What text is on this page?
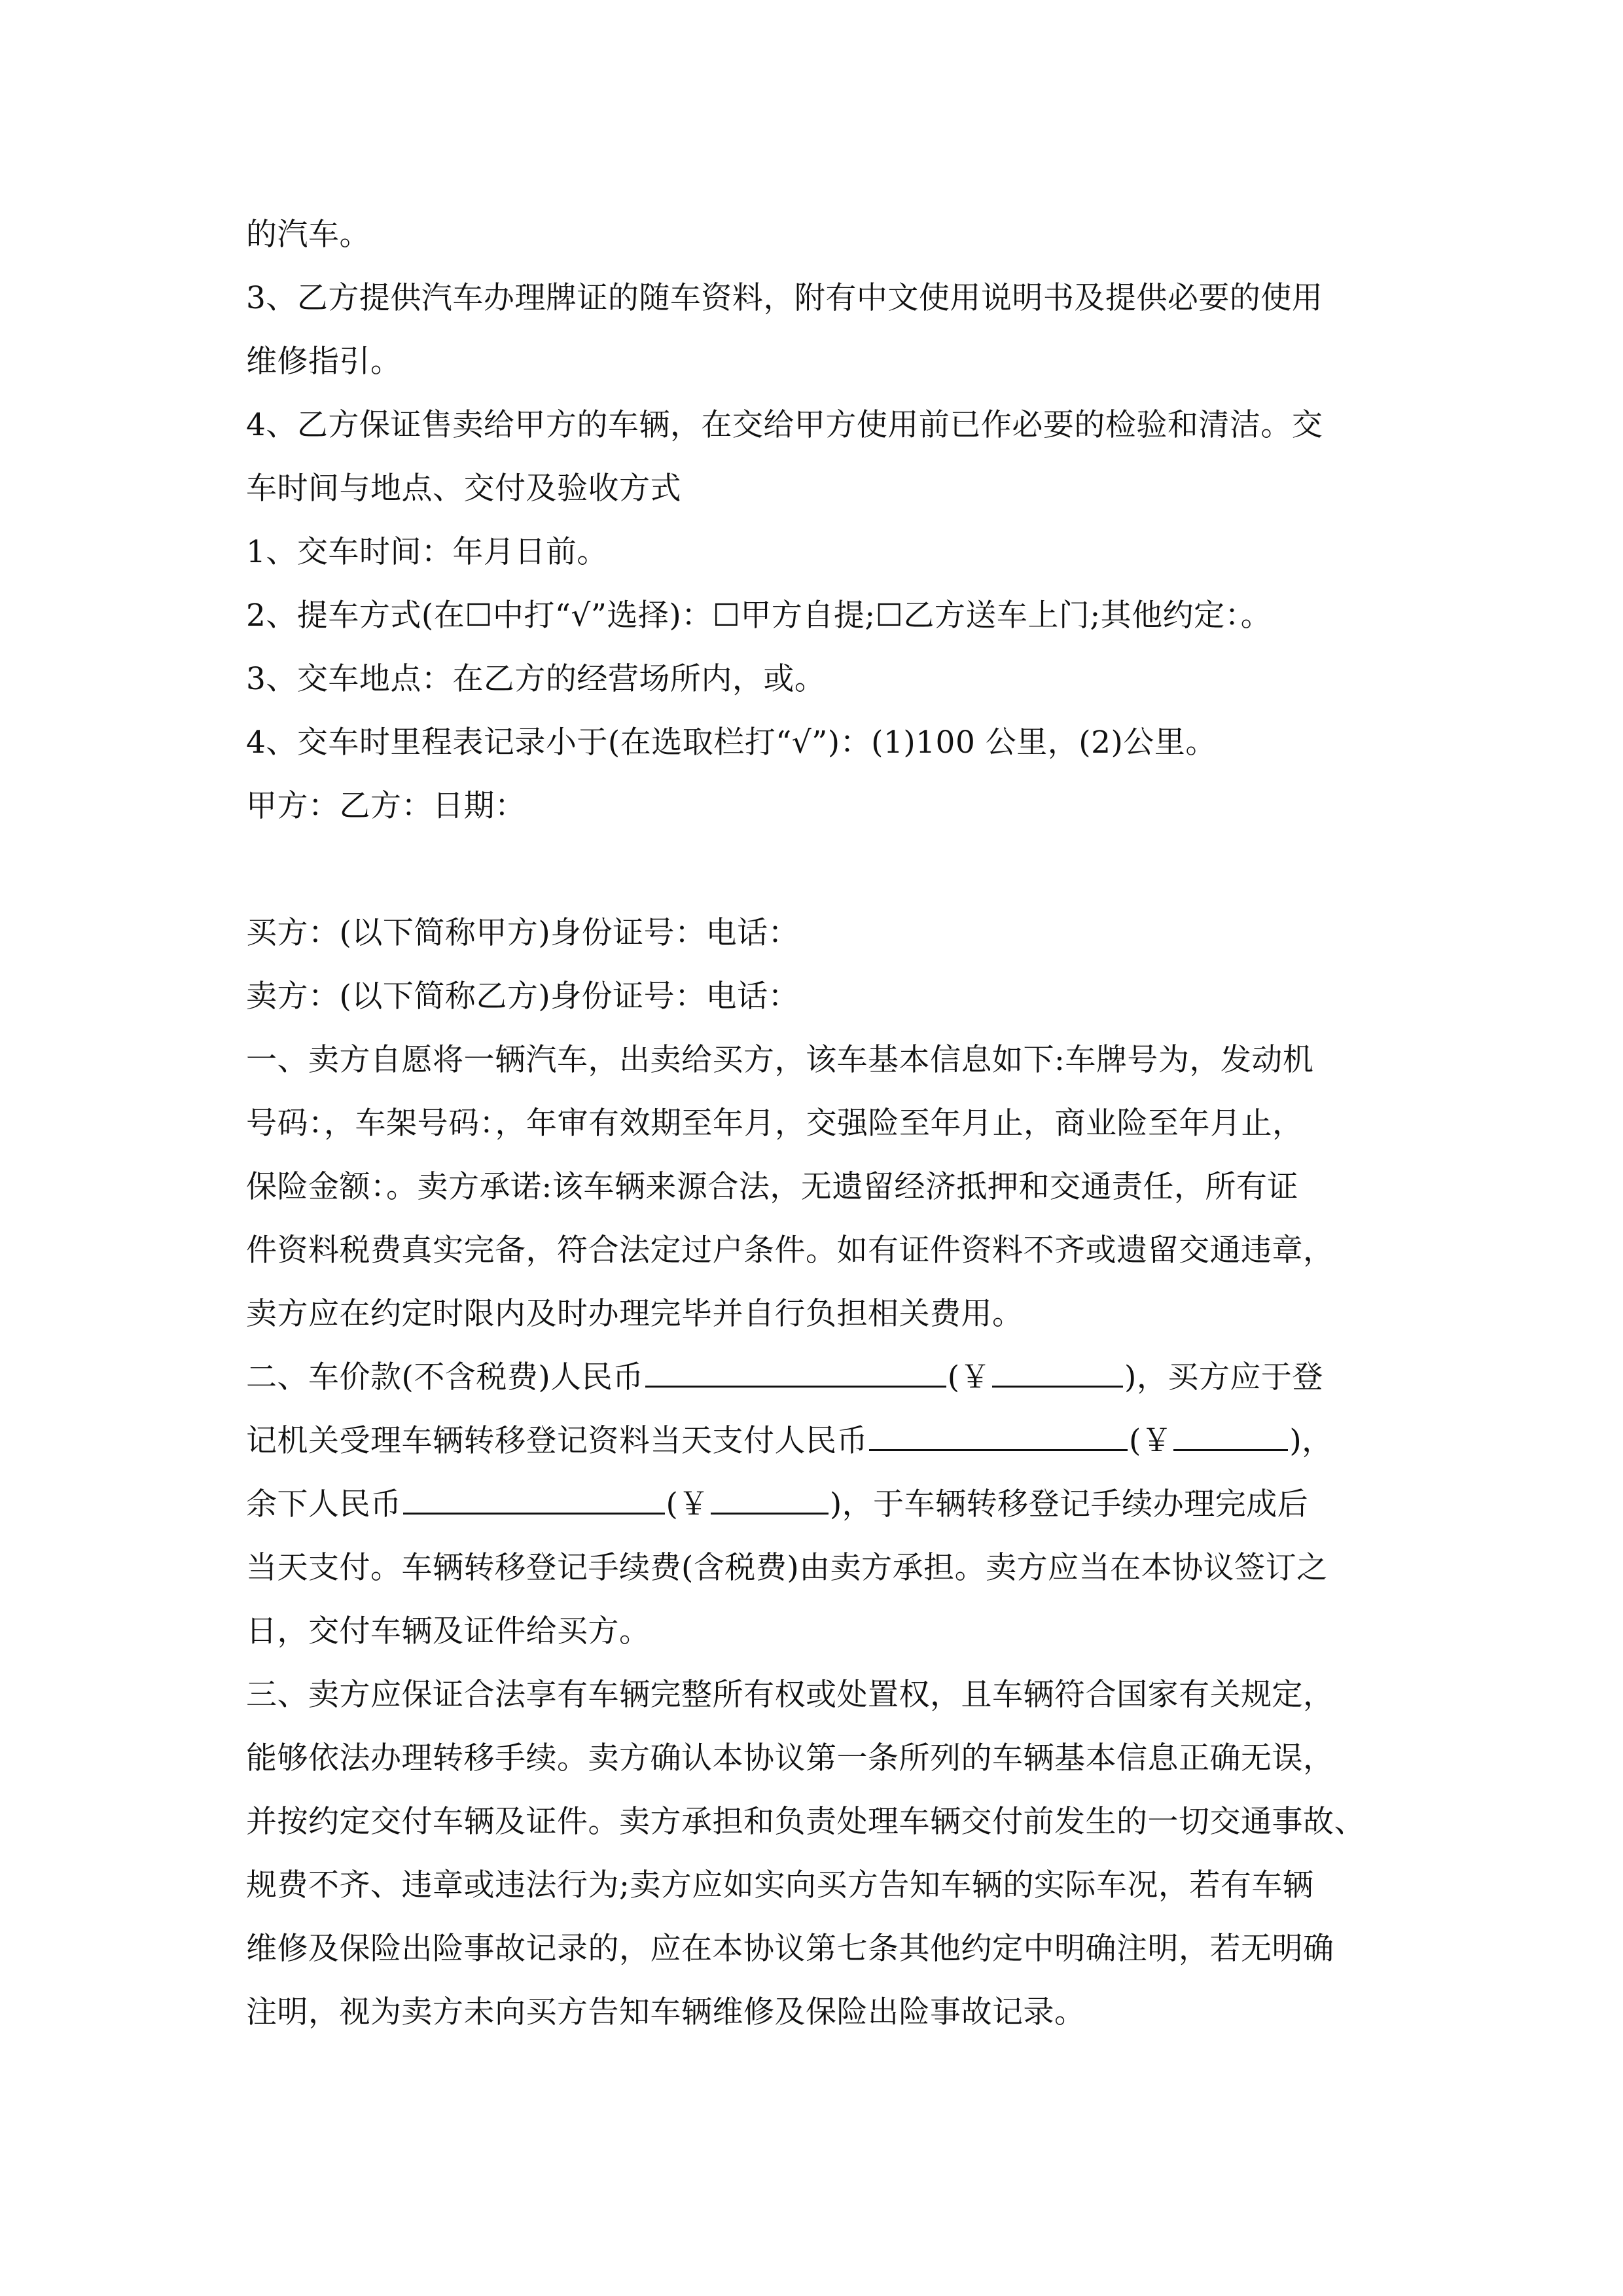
的汽车。
3、乙方提供汽车办理牌证的随车资料，附有中文使用说明书及提供必要的使用
维修指引。
4、乙方保证售卖给甲方的车辆，在交给甲方使用前已作必要的检验和清洁。交
车时间与地点、交付及验收方式
1、交车时间：年月日前。
2、提车方式(在☐中打“√”选择)：☐甲方自提;☐乙方送车上门;其他约定：。
3、交车地点：在乙方的经营场所内，或。
4、交车时里程表记录小于(在选取栏打“√”)：(1)100 公里，(2)公里。
甲方：乙方：日期：
买方：(以下简称甲方)身份证号：电话：
卖方：(以下简称乙方)身份证号：电话：
一、卖方自愿将一辆汽车，出卖给买方，该车基本信息如下:车牌号为，发动机
号码：，车架号码：，年审有效期至年月，交强险至年月止，商业险至年月止，
保险金额：。卖方承诺:该车辆来源合法，无遗留经济抵押和交通责任，所有证
件资料税费真实完备，符合法定过户条件。如有证件资料不齐或遗留交通违章，
卖方应在约定时限内及时办理完毕并自行负担相关费用。
二、车价款(不含税费)人民币	(￥	)，买方应于登
记机关受理车辆转移登记资料当天支付人民币	(￥	)，
余下人民币	(￥	)，于车辆转移登记手续办理完成后
当天支付。车辆转移登记手续费(含税费)由卖方承担。卖方应当在本协议签订之
日，交付车辆及证件给买方。
三、卖方应保证合法享有车辆完整所有权或处置权，且车辆符合国家有关规定，
能够依法办理转移手续。卖方确认本协议第一条所列的车辆基本信息正确无误，
并按约定交付车辆及证件。卖方承担和负责处理车辆交付前发生的一切交通事故、
规费不齐、违章或违法行为;卖方应如实向买方告知车辆的实际车况，若有车辆
维修及保险出险事故记录的，应在本协议第七条其他约定中明确注明，若无明确
注明，视为卖方未向买方告知车辆维修及保险出险事故记录。
